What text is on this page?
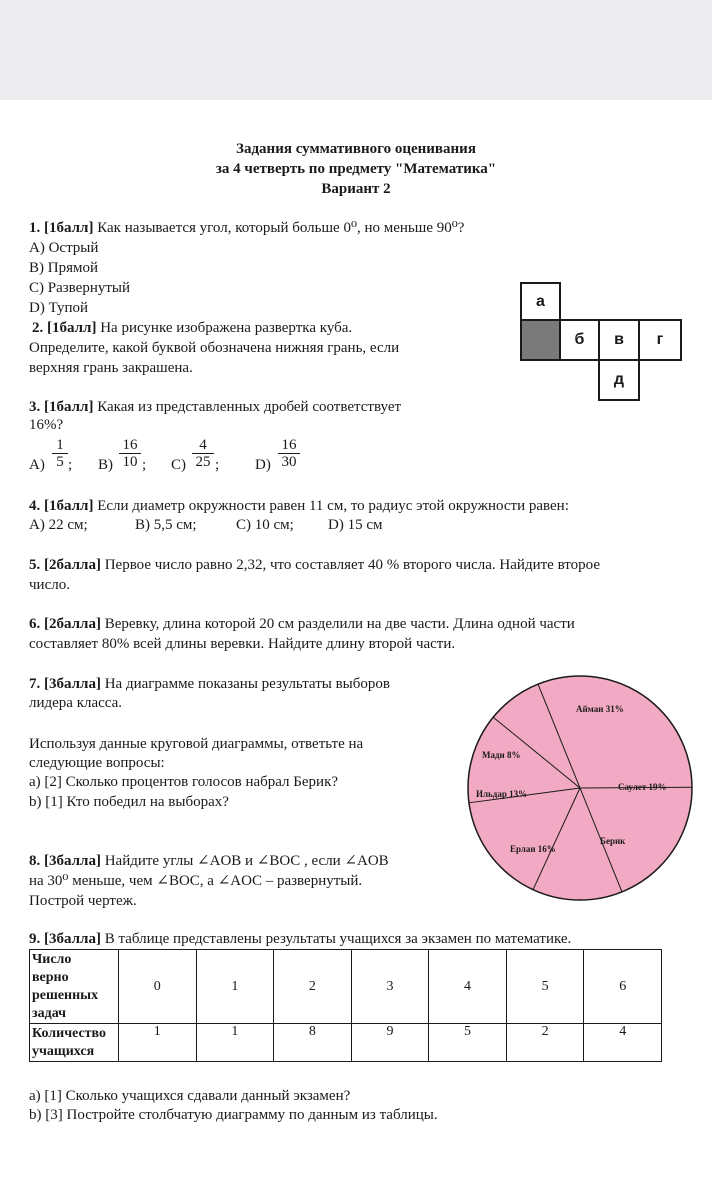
Задания суммативного оценивания
за 4 четверть по предмету "Математика"
Вариант 2
1. [1балл] Как называется угол, который больше 0⁰, но меньше 90⁰?
A) Острый
B) Прямой
C) Развернутый
D) Тупой
2. [1балл] На рисунке изображена развертка куба.
Определите, какой буквой обозначена нижняя грань, если
верхняя грань закрашена.
а
б	в	г
д
3. [1балл] Какая из представленных дробей соответствует
16%?
$A) \frac{1}{5}$ ; $B) \frac{16}{10}$ ; $C) \frac{4}{25}$ ; $D) \frac{16}{30}$
4. [1балл] Если диаметр окружности равен 11 см, то радиус этой окружности равен:
A) 22 см;	B) 5,5 см;	C) 10 см; D) 15 см
5. [2балла] Первое число равно 2,32, что составляет 40 % второго числа. Найдите второе
число.
6. [2балла] Веревку, длина которой 20 см разделили на две части. Длина одной части
составляет 80% всей длины веревки. Найдите длину второй части.
7. [3балла] На диаграмме показаны результаты выборов
лидера класса.
Используя данные круговой диаграммы, ответьте на
следующие вопросы:
a) [2] Сколько процентов голосов набрал Берик?
b) [1] Кто победил на выборах?
Айман 31%
Саулет 19%
Берик
Ерлан 16%
Ильдар 13%
Мади 8%
8. [3балла] Найдите углы ∠AOB и ∠BOC , если ∠AOB
на 30⁰ меньше, чем ∠BOC, а ∠AOC – развернутый.
Построй чертеж.
9. [3балла] В таблице представлены результаты учащихся за экзамен по математике.
Число
верно
решенных
задач	0	1	2	3	4	5	6
Количество
учащихся	1	1	8	9	5	2	4
a) [1] Сколько учащихся сдавали данный экзамен?
b) [3] Постройте столбчатую диаграмму по данным из таблицы.
